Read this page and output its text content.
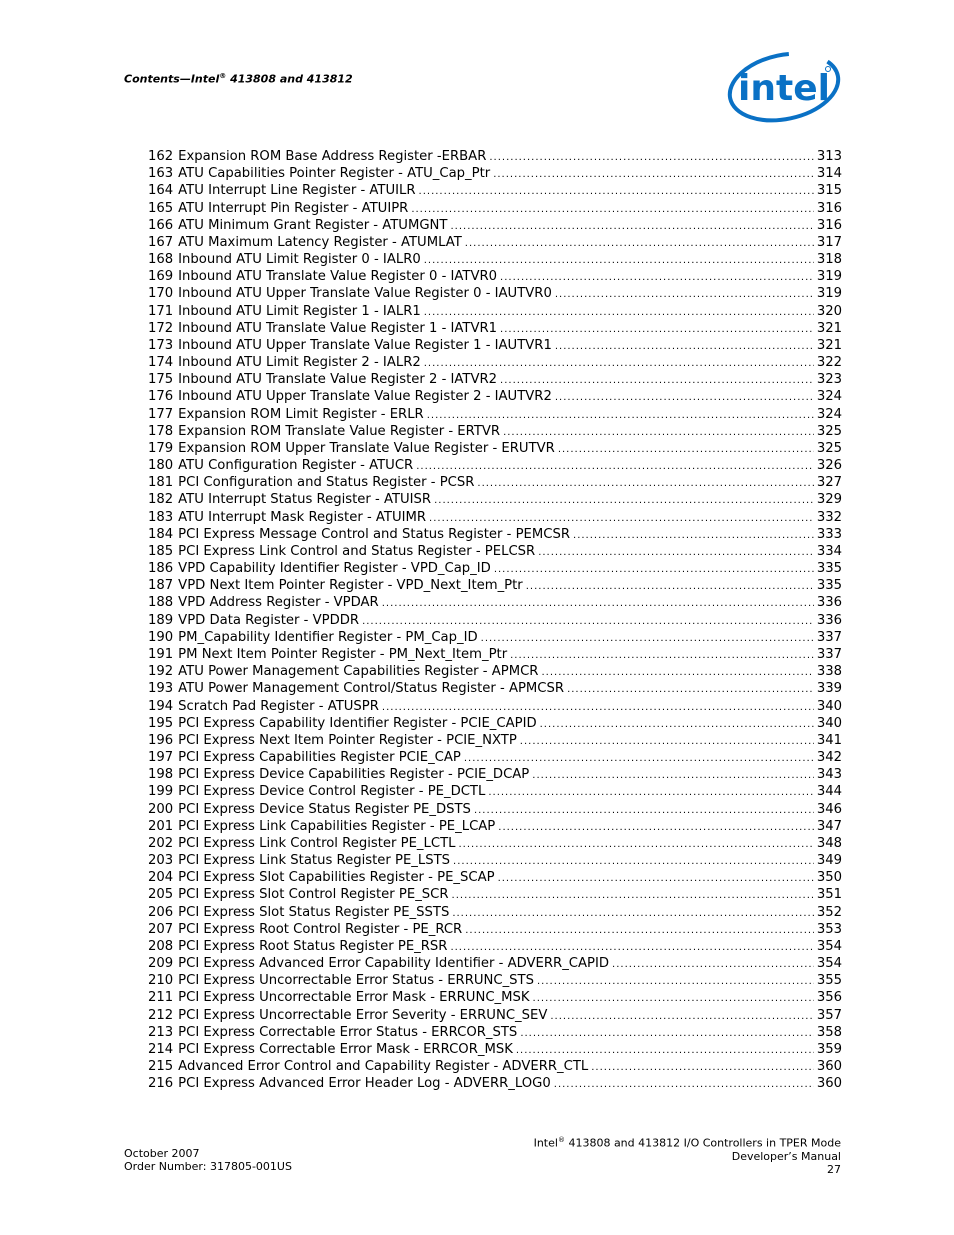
Contents—Intel® 413808 and 413812	intel
162 Expansion ROM Base Address Register -ERBAR .....	313
163 ATU Capabilities Pointer Register - ATU_Cap_Ptr .....	314
164 ATU Interrupt Line Register - ATUILR .....	315
165 ATU Interrupt Pin Register - ATUIPR .....	316
166 ATU Minimum Grant Register - ATUMGNT .....	316
167 ATU Maximum Latency Register - ATUMLAT .....	317
168 Inbound ATU Limit Register 0 - IALR0 .....	318
169 Inbound ATU Translate Value Register 0 - IATVR0 .....	319
170 Inbound ATU Upper Translate Value Register 0 - IAUTVR0 .....	319
171 Inbound ATU Limit Register 1 - IALR1 .....	320
172 Inbound ATU Translate Value Register 1 - IATVR1 .....	321
173 Inbound ATU Upper Translate Value Register 1 - IAUTVR1 .....	321
174 Inbound ATU Limit Register 2 - IALR2 .....	322
175 Inbound ATU Translate Value Register 2 - IATVR2 .....	323
176 Inbound ATU Upper Translate Value Register 2 - IAUTVR2 .....	324
177 Expansion ROM Limit Register - ERLR .....	324
178 Expansion ROM Translate Value Register - ERTVR .....	325
179 Expansion ROM Upper Translate Value Register - ERUTVR .....	325
180 ATU Configuration Register - ATUCR .....	326
181 PCI Configuration and Status Register - PCSR .....	327
182 ATU Interrupt Status Register - ATUISR .....	329
183 ATU Interrupt Mask Register - ATUIMR .....	332
184 PCI Express Message Control and Status Register - PEMCSR .....	333
185 PCI Express Link Control and Status Register - PELCSR .....	334
186 VPD Capability Identifier Register - VPD_Cap_ID .....	335
187 VPD Next Item Pointer Register - VPD_Next_Item_Ptr .....	335
188 VPD Address Register - VPDAR .....	336
189 VPD Data Register - VPDDR .....	336
190 PM_Capability Identifier Register - PM_Cap_ID .....	337
191 PM Next Item Pointer Register - PM_Next_Item_Ptr .....	337
192 ATU Power Management Capabilities Register - APMCR .....	338
193 ATU Power Management Control/Status Register - APMCSR .....	339
194 Scratch Pad Register - ATUSPR .....	340
195 PCI Express Capability Identifier Register - PCIE_CAPID .....	340
196 PCI Express Next Item Pointer Register - PCIE_NXTP .....	341
197 PCI Express Capabilities Register PCIE_CAP .....	342
198 PCI Express Device Capabilities Register - PCIE_DCAP .....	343
199 PCI Express Device Control Register - PE_DCTL .....	344
200 PCI Express Device Status Register PE_DSTS .....	346
201 PCI Express Link Capabilities Register - PE_LCAP .....	347
202 PCI Express Link Control Register PE_LCTL .....	348
203 PCI Express Link Status Register PE_LSTS .....	349
204 PCI Express Slot Capabilities Register - PE_SCAP .....	350
205 PCI Express Slot Control Register PE_SCR .....	351
206 PCI Express Slot Status Register PE_SSTS .....	352
207 PCI Express Root Control Register - PE_RCR .....	353
208 PCI Express Root Status Register PE_RSR .....	354
209 PCI Express Advanced Error Capability Identifier - ADVERR_CAPID .....	354
210 PCI Express Uncorrectable Error Status - ERRUNC_STS .....	355
211 PCI Express Uncorrectable Error Mask - ERRUNC_MSK .....	356
212 PCI Express Uncorrectable Error Severity - ERRUNC_SEV .....	357
213 PCI Express Correctable Error Status - ERRCOR_STS .....	358
214 PCI Express Correctable Error Mask - ERRCOR_MSK .....	359
215 Advanced Error Control and Capability Register - ADVERR_CTL .....	360
216 PCI Express Advanced Error Header Log - ADVERR_LOG0 .....	360
October 2007
Order Number: 317805-001US
Intel® 413808 and 413812 I/O Controllers in TPER Mode
Developer’s Manual
27
